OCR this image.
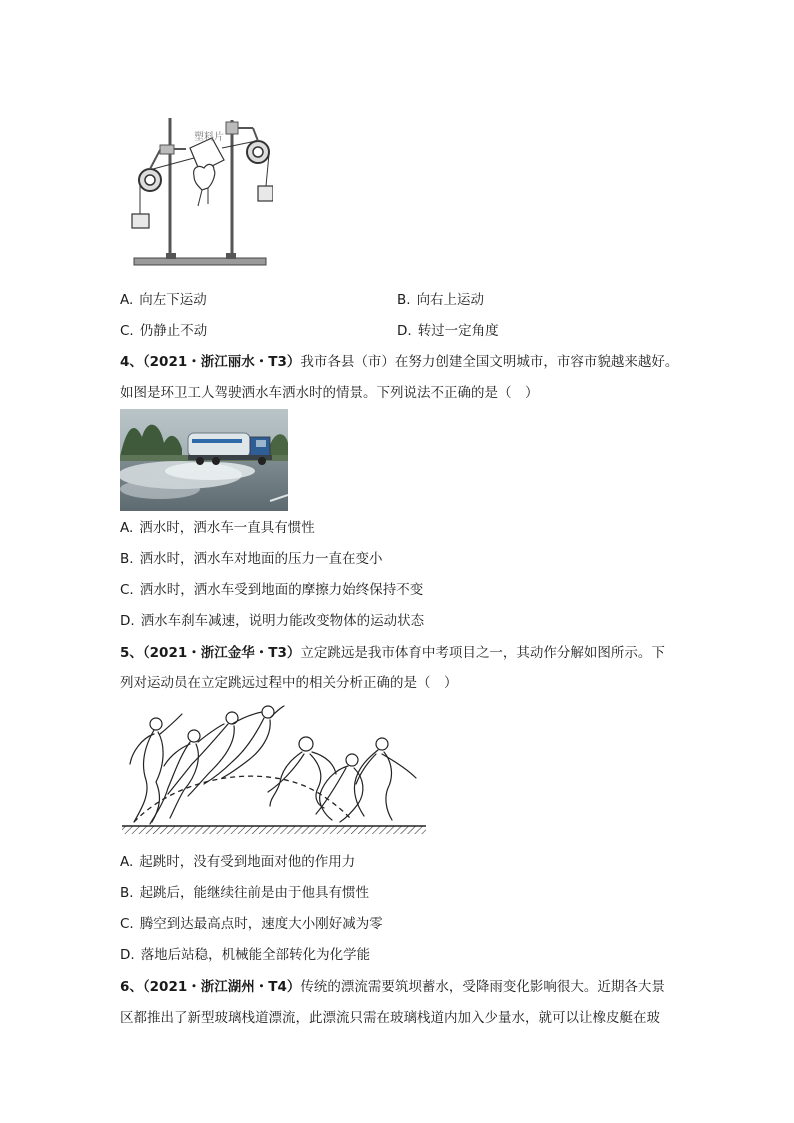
塑料片
A. 向左下运动	B. 向右上运动
C. 仍静止不动	D. 转过一定角度
4、（2021・浙江丽水・T3）我市各县（市）在努力创建全国文明城市，市容市貌越来越好。
如图是环卫工人驾驶洒水车洒水时的情景。下列说法不正确的是（　）
A. 洒水时，洒水车一直具有惯性
B. 洒水时，洒水车对地面的压力一直在变小
C. 洒水时，洒水车受到地面的摩擦力始终保持不变
D. 洒水车刹车减速，说明力能改变物体的运动状态
5、（2021・浙江金华・T3）立定跳远是我市体育中考项目之一，其动作分解如图所示。下
列对运动员在立定跳远过程中的相关分析正确的是（　）
A. 起跳时，没有受到地面对他的作用力
B. 起跳后，能继续往前是由于他具有惯性
C. 腾空到达最高点时，速度大小刚好减为零
D. 落地后站稳，机械能全部转化为化学能
6、（2021・浙江湖州・T4）传统的漂流需要筑坝蓄水，受降雨变化影响很大。近期各大景
区都推出了新型玻璃栈道漂流，此漂流只需在玻璃栈道内加入少量水，就可以让橡皮艇在玻
